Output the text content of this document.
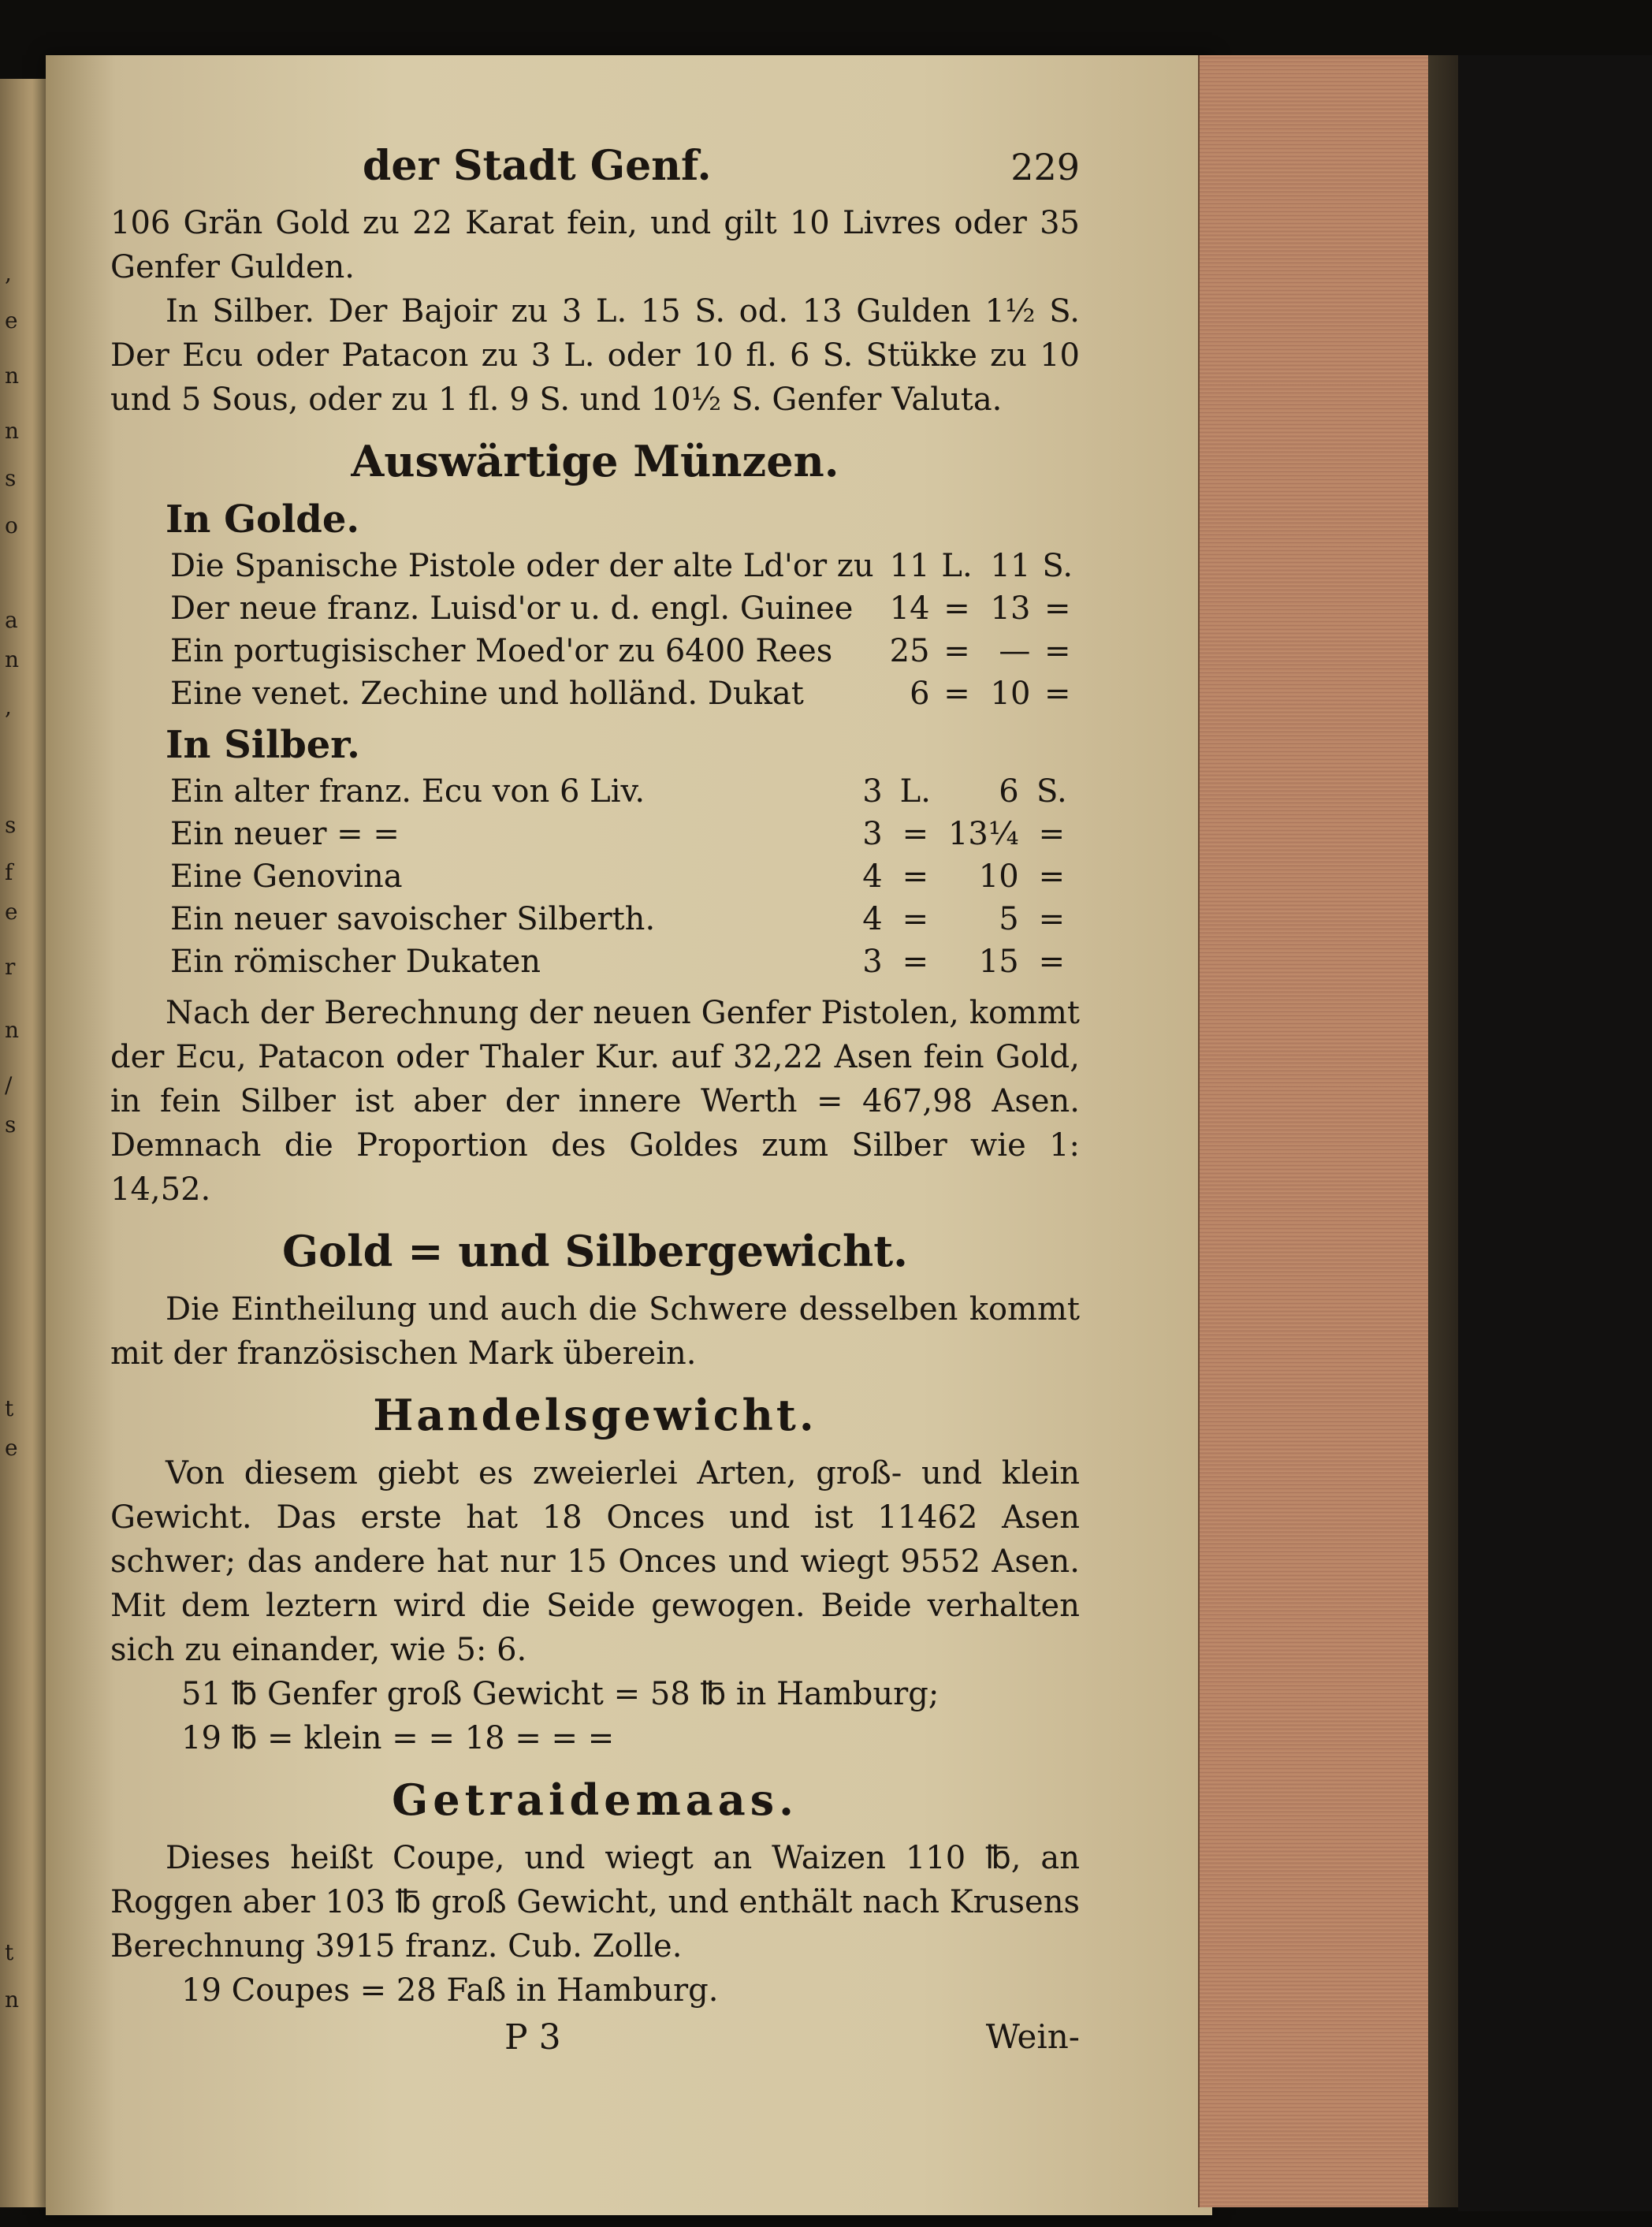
,
e
n
n
s
o
a
n
,
s
f
e
r
n
/
s
t
e
t
n
der Stadt Genf.	229

106 Grän Gold zu 22 Karat fein, und gilt 10 Livres oder 35 Genfer Gulden.

In Silber. Der Bajoir zu 3 L. 15 S. od. 13 Gulden 1½ S. Der Ecu oder Patacon zu 3 L. oder 10 fl. 6 S. Stükke zu 10 und 5 Sous, oder zu 1 fl. 9 S. und 10½ S. Genfer Valuta.

Auswärtige Münzen.
In Golde.
Die Spanische Pistole oder der alte Ld'or zu	11	L.	11	S.
Der neue franz. Luisd'or u. d. engl. Guinee	14	=	13	=
Ein portugisischer Moed'or zu 6400 Rees	25	=	—	=
Eine venet. Zechine und holländ. Dukat	6	=	10	=
In Silber.
Ein alter franz. Ecu von 6 Liv.	3	L.	6	S.
Ein neuer = =	3	=	13¼	=
Eine Genovina	4	=	10	=
Ein neuer savoischer Silberth.	4	=	5	=
Ein römischer Dukaten	3	=	15	=

Nach der Berechnung der neuen Genfer Pistolen, kommt der Ecu, Patacon oder Thaler Kur. auf 32,22 Asen fein Gold, in fein Silber ist aber der innere Werth = 467,98 Asen. Demnach die Proportion des Goldes zum Silber wie 1: 14,52.

Gold = und Silbergewicht.

Die Eintheilung und auch die Schwere desselben kommt mit der französischen Mark überein.

Handelsgewicht.

Von diesem giebt es zweierlei Arten, groß- und klein Gewicht. Das erste hat 18 Onces und ist 11462 Asen schwer; das andere hat nur 15 Onces und wiegt 9552 Asen. Mit dem leztern wird die Seide gewogen. Beide verhalten sich zu einander, wie 5: 6.

51 ℔ Genfer groß Gewicht = 58 ℔ in Hamburg;
19 ℔ = klein = = 18 = = =
Getraidemaas.

Dieses heißt Coupe, und wiegt an Waizen 110 ℔, an Roggen aber 103 ℔ groß Gewicht, und enthält nach Krusens Berechnung 3915 franz. Cub. Zolle.

19 Coupes = 28 Faß in Hamburg.
P 3	Wein-
